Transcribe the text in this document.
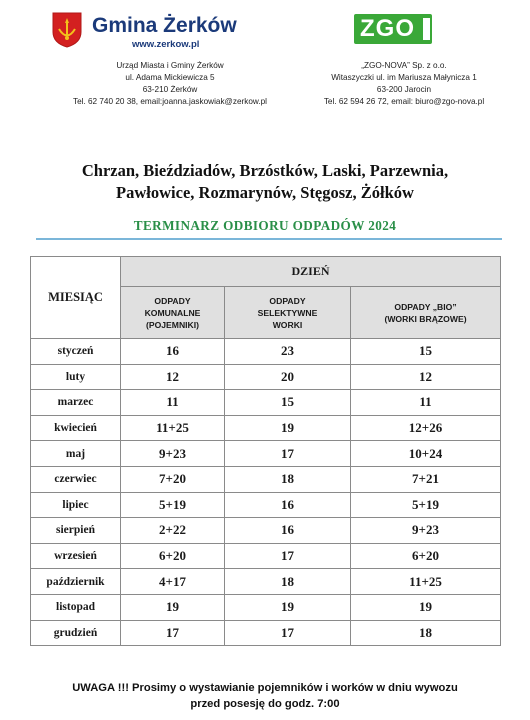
Gmina Żerków
www.zerkow.pl
ZGO
Urząd Miasta i Gminy Żerków
ul. Adama Mickiewicza 5
63-210 Żerków
Tel. 62 740 20 38, email:joanna.jaskowiak@zerkow.pl
„ZGO-NOVA” Sp. z o.o.
Witaszyczki ul. im Mariusza Małynicza 1
63-200 Jarocin
Tel. 62 594 26 72, email: biuro@zgo-nova.pl
Chrzan, Bieździadów, Brzóstków, Laski, Parzewnia,
Pawłowice, Rozmarynów, Stęgosz, Żółków
TERMINARZ ODBIORU ODPADÓW 2024
MIESIĄC	DZIEŃ		

	ODPADY
KOMUNALNE
(POJEMNIKI)	ODPADY
SELEKTYWNE
WORKI	ODPADY „BIO”
(WORKI BRĄZOWE)

styczeń	16	23	15
luty	12	20	12
marzec	11	15	11
kwiecień	11+25	19	12+26
maj	9+23	17	10+24
czerwiec	7+20	18	7+21
lipiec	5+19	16	5+19
sierpień	2+22	16	9+23
wrzesień	6+20	17	6+20
październik	4+17	18	11+25
listopad	19	19	19
grudzień	17	17	18
UWAGA !!! Prosimy o wystawianie pojemników i worków w dniu wywozu
przed posesję do godz. 7:00
